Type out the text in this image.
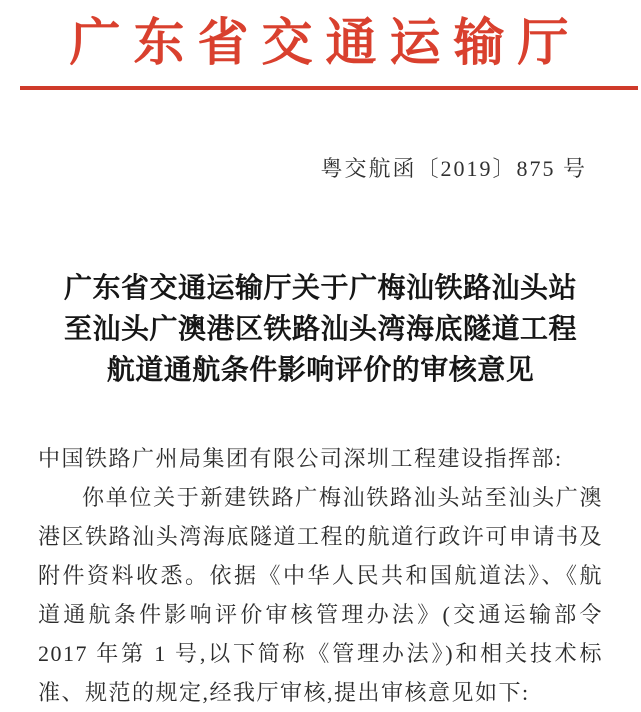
广东省交通运输厅
粤交航函〔2019〕875 号
广东省交通运输厅关于广梅汕铁路汕头站
至汕头广澳港区铁路汕头湾海底隧道工程
航道通航条件影响评价的审核意见
中国铁路广州局集团有限公司深圳工程建设指挥部:

你单位关于新建铁路广梅汕铁路汕头站至汕头广澳港区铁路汕头湾海底隧道工程的航道行政许可申请书及附件资料收悉。依据《中华人民共和国航道法》、《航道通航条件影响评价审核管理办法》(交通运输部令 2017 年第 1 号,以下简称《管理办法》)和相关技术标准、规范的规定,经我厅审核,提出审核意见如下:
